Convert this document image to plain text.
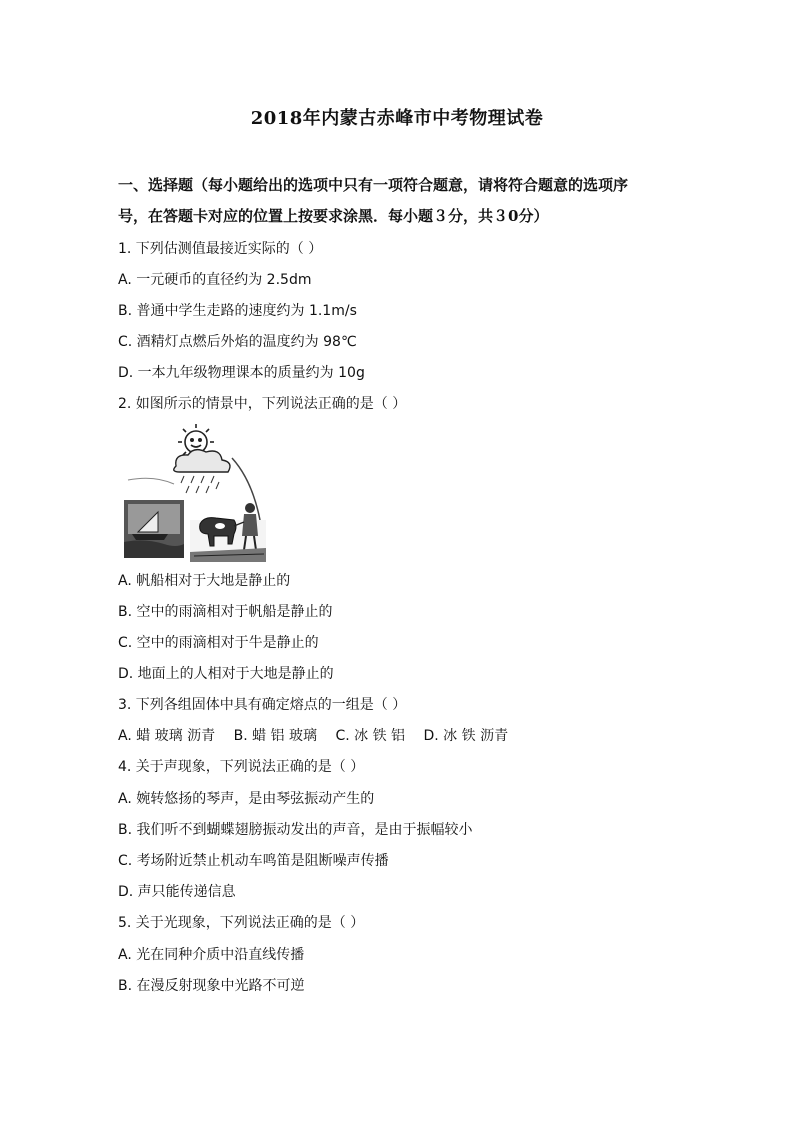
2018年内蒙古赤峰市中考物理试卷
一、选择题（每小题给出的选项中只有一项符合题意，请将符合题意的选项序
号，在答题卡对应的位置上按要求涂黑．每小题３分，共３0分）
1. 下列估测值最接近实际的（ ）
A. 一元硬币的直径约为 2.5dm
B. 普通中学生走路的速度约为 1.1m/s
C. 酒精灯点燃后外焰的温度约为 98℃
D. 一本九年级物理课本的质量约为 10g
2. 如图所示的情景中，下列说法正确的是（ ）
A. 帆船相对于大地是静止的
B. 空中的雨滴相对于帆船是静止的
C. 空中的雨滴相对于牛是静止的
D. 地面上的人相对于大地是静止的
3. 下列各组固体中具有确定熔点的一组是（ ）
A. 蜡 玻璃 沥青 B. 蜡 铝 玻璃 C. 冰 铁 铝 D. 冰 铁 沥青
4. 关于声现象，下列说法正确的是（ ）
A. 婉转悠扬的琴声，是由琴弦振动产生的
B. 我们听不到蝴蝶翅膀振动发出的声音，是由于振幅较小
C. 考场附近禁止机动车鸣笛是阻断噪声传播
D. 声只能传递信息
5. 关于光现象，下列说法正确的是（ ）
A. 光在同种介质中沿直线传播
B. 在漫反射现象中光路不可逆
